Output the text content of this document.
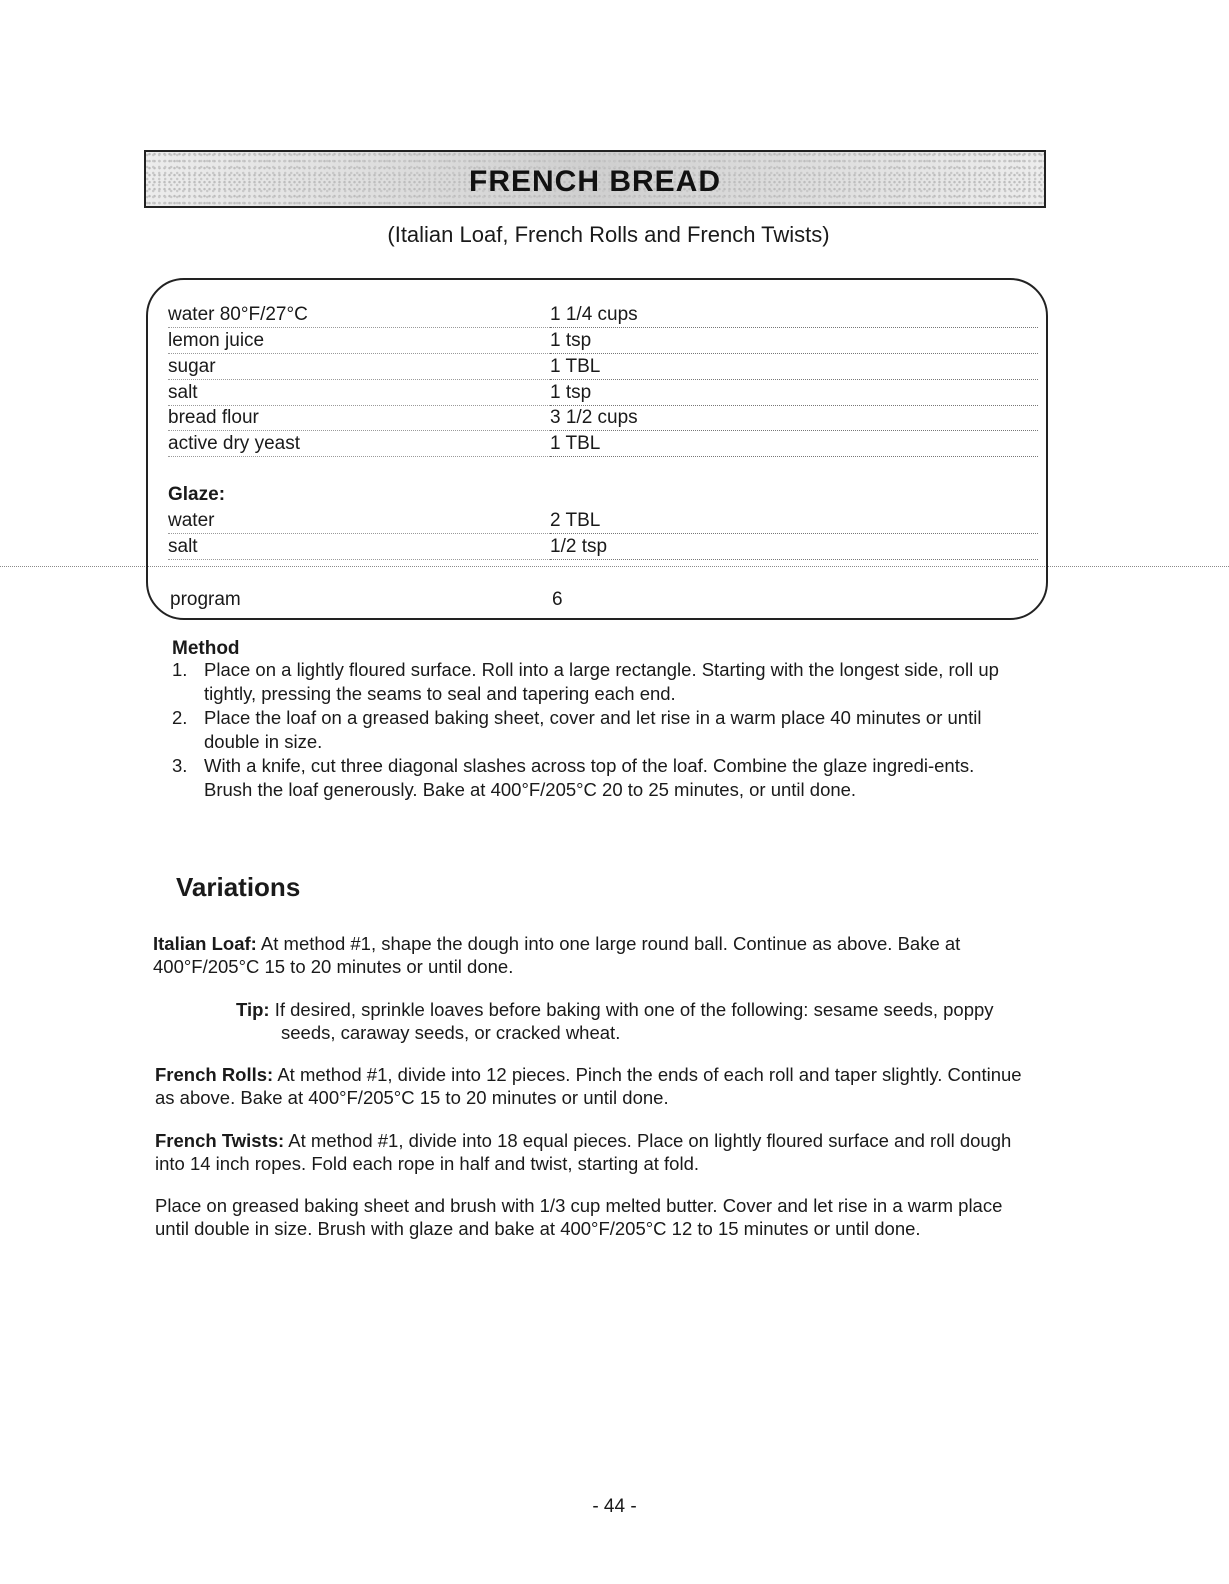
FRENCH BREAD
(Italian Loaf, French Rolls and French Twists)
water 80°F/27°C	1 1/4 cups
lemon juice	1 tsp
sugar	1 TBL
salt	1 tsp
bread flour	3 1/2 cups
active dry yeast	1 TBL
Glaze:
water	2 TBL
salt	1/2 tsp
program	6
Method
1. Place on a lightly floured surface. Roll into a large rectangle. Starting with the longest side, roll up tightly, pressing the seams to seal and tapering each end.
2. Place the loaf on a greased baking sheet, cover and let rise in a warm place 40 minutes or until double in size.
3. With a knife, cut three diagonal slashes across top of the loaf. Combine the glaze ingredi-ents. Brush the loaf generously. Bake at 400°F/205°C 20 to 25 minutes, or until done.
Variations
Italian Loaf: At method #1, shape the dough into one large round ball. Continue as above. Bake at 400°F/205°C 15 to 20 minutes or until done.
Tip: If desired, sprinkle loaves before baking with one of the following: sesame seeds, poppy seeds, caraway seeds, or cracked wheat.
French Rolls: At method #1, divide into 12 pieces. Pinch the ends of each roll and taper slightly. Continue as above. Bake at 400°F/205°C 15 to 20 minutes or until done.
French Twists: At method #1, divide into 18 equal pieces. Place on lightly floured surface and roll dough into 14 inch ropes. Fold each rope in half and twist, starting at fold.
Place on greased baking sheet and brush with 1/3 cup melted butter. Cover and let rise in a warm place until double in size. Brush with glaze and bake at 400°F/205°C 12 to 15 minutes or until done.
- 44 -
